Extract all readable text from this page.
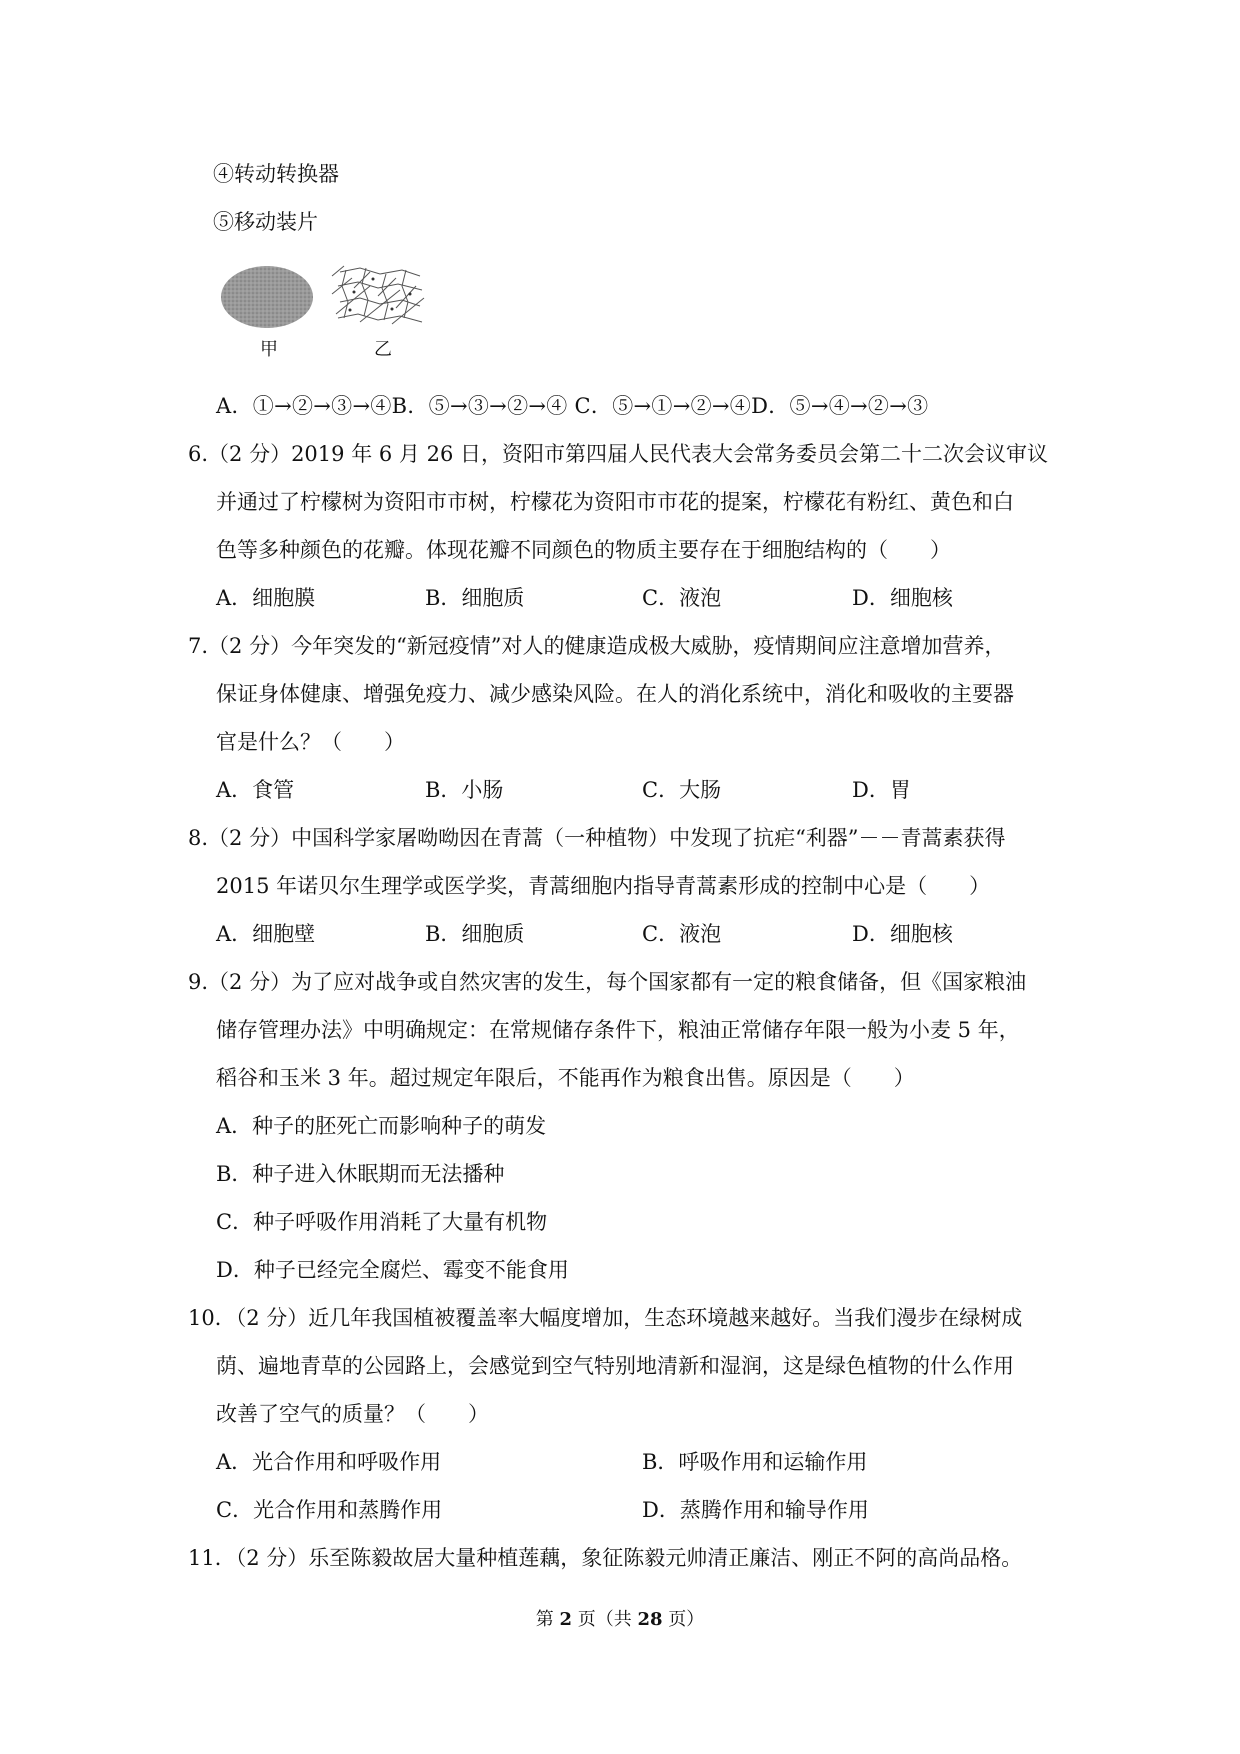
④转动转换器
⑤移动装片
甲	乙
A．①→②→③→④B．⑤→③→②→④ C．⑤→①→②→④D．⑤→④→②→③
6.（2 分）2019 年 6 月 26 日，资阳市第四届人民代表大会常务委员会第二十二次会议审议
并通过了柠檬树为资阳市市树，柠檬花为资阳市市花的提案，柠檬花有粉红、黄色和白
色等多种颜色的花瓣。体现花瓣不同颜色的物质主要存在于细胞结构的（　　）
A．细胞膜	B．细胞质	C．液泡	D．细胞核
7.（2 分）今年突发的“新冠疫情”对人的健康造成极大威胁，疫情期间应注意增加营养，
保证身体健康、增强免疫力、减少感染风险。在人的消化系统中，消化和吸收的主要器
官是什么？（　　）
A．食管	B．小肠	C．大肠	D．胃
8.（2 分）中国科学家屠呦呦因在青蒿（一种植物）中发现了抗疟“利器”－－青蒿素获得
2015 年诺贝尔生理学或医学奖，青蒿细胞内指导青蒿素形成的控制中心是（　　）
A．细胞壁	B．细胞质	C．液泡	D．细胞核
9.（2 分）为了应对战争或自然灾害的发生，每个国家都有一定的粮食储备，但《国家粮油
储存管理办法》中明确规定：在常规储存条件下，粮油正常储存年限一般为小麦 5 年，
稻谷和玉米 3 年。超过规定年限后，不能再作为粮食出售。原因是（　　）
A．种子的胚死亡而影响种子的萌发
B．种子进入休眠期而无法播种
C．种子呼吸作用消耗了大量有机物
D．种子已经完全腐烂、霉变不能食用
10．（2 分）近几年我国植被覆盖率大幅度增加，生态环境越来越好。当我们漫步在绿树成
荫、遍地青草的公园路上，会感觉到空气特别地清新和湿润，这是绿色植物的什么作用
改善了空气的质量？（　　）
A．光合作用和呼吸作用	B．呼吸作用和运输作用
C．光合作用和蒸腾作用	D．蒸腾作用和输导作用
11．（2 分）乐至陈毅故居大量种植莲藕，象征陈毅元帅清正廉洁、刚正不阿的高尚品格。
第 2 页（共 28 页）
